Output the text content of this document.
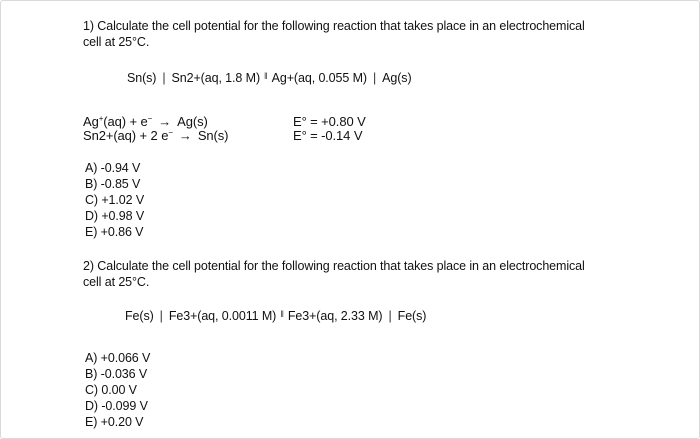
1) Calculate the cell potential for the following reaction that takes place in an electrochemical
cell at 25°C.
Sn(s) | Sn2+(aq, 1.8 M) ‖ Ag+(aq, 0.055 M) | Ag(s)
Ag+(aq) + e− → Ag(s)	E° = +0.80 V
Sn2+(aq) + 2 e− → Sn(s)	E° = -0.14 V
A) -0.94 V
B) -0.85 V
C) +1.02 V
D) +0.98 V
E) +0.86 V
2) Calculate the cell potential for the following reaction that takes place in an electrochemical
cell at 25°C.
Fe(s) | Fe3+(aq, 0.0011 M) ‖ Fe3+(aq, 2.33 M) | Fe(s)
A) +0.066 V
B) -0.036 V
C) 0.00 V
D) -0.099 V
E) +0.20 V
